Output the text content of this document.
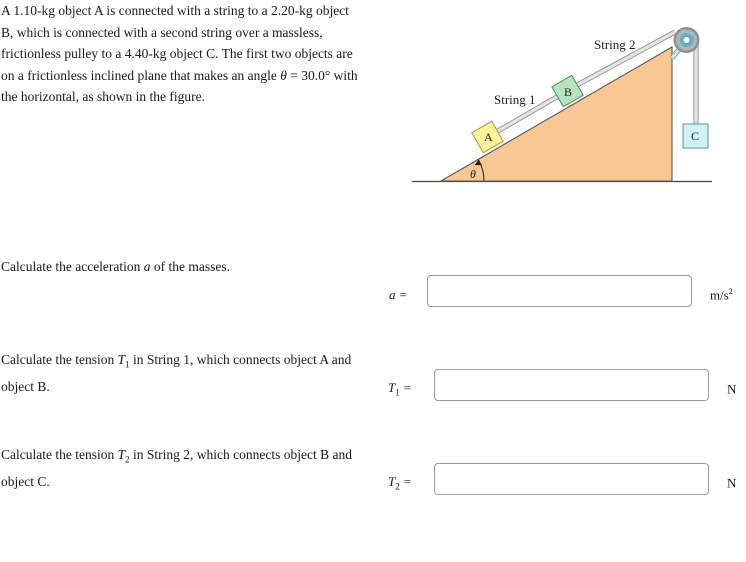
A 1.10-kg object A is connected with a string to a 2.20-kg object B, which is connected with a second string over a massless, frictionless pulley to a 4.40-kg object C. The first two objects are on a frictionless inclined plane that makes an angle θ = 30.0° with the horizontal, as shown in the figure.
θ
A
B
C
String 1
String 2
Calculate the acceleration a of the masses.
a =	$m/s^2$
Calculate the tension $T_1$ in String 1, which connects object A and object B.	$T_1$ =	N
Calculate the tension $T_2$ in String 2, which connects object B and object C.	$T_2$ =	N
